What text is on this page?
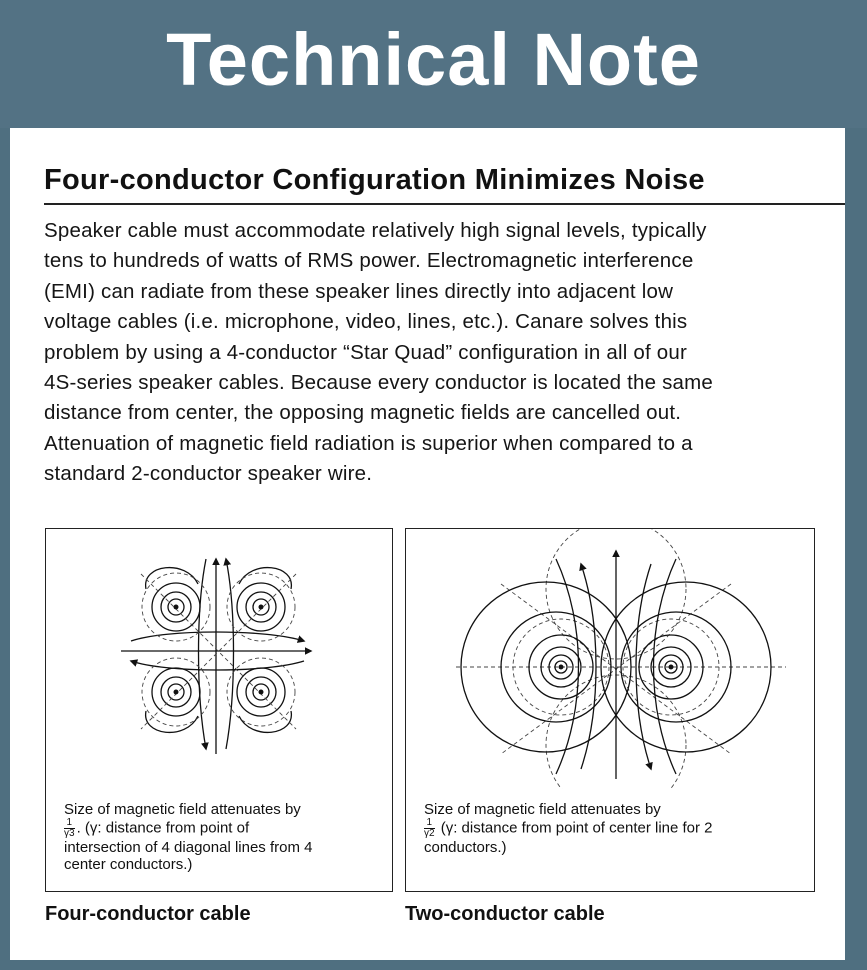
Technical Note
Four-conductor Configuration Minimizes Noise
Speaker cable must accommodate relatively high signal levels, typically
tens to hundreds of watts of RMS power. Electromagnetic interference
(EMI) can radiate from these speaker lines directly into adjacent low
voltage cables (i.e. microphone, video, lines, etc.). Canare solves this
problem by using a 4-conductor “Star Quad” configuration in all of our
4S-series speaker cables. Because every conductor is located the same
distance from center, the opposing magnetic fields are cancelled out.
Attenuation of magnetic field radiation is superior when compared to a
standard 2-conductor speaker wire.
Size of magnetic field attenuates by
$\frac{1}{\gamma 3}$ . (γ: distance from point of
intersection of 4 diagonal lines from 4
center conductors.)
Four-conductor cable
Size of magnetic field attenuates by
$\frac{1}{\gamma 2} (\gamma$: distance from point of center line for 2
conductors.)
Two-conductor cable
